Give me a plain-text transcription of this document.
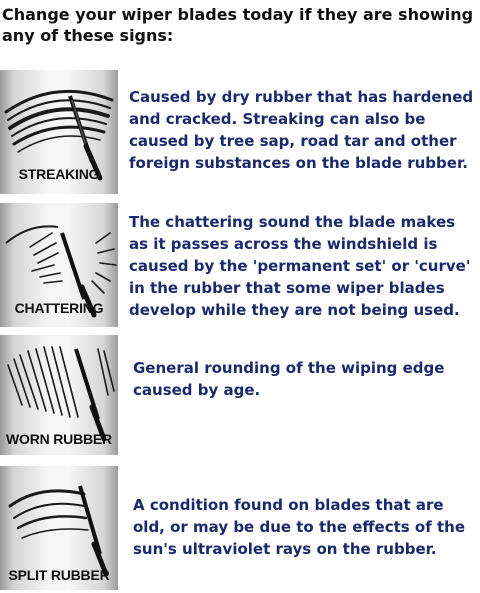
Change your wiper blades today if they are showing any of these signs:
STREAKING
Caused by dry rubber that has hardened and cracked. Streaking can also be caused by tree sap, road tar and other foreign substances on the blade rubber.
CHATTERING
The chattering sound the blade makes as it passes across the windshield is caused by the 'permanent set' or 'curve' in the rubber that some wiper blades develop while they are not being used.
WORN RUBBER
General rounding of the wiping edge caused by age.
SPLIT RUBBER
A condition found on blades that are old, or may be due to the effects of the sun's ultraviolet rays on the rubber.
